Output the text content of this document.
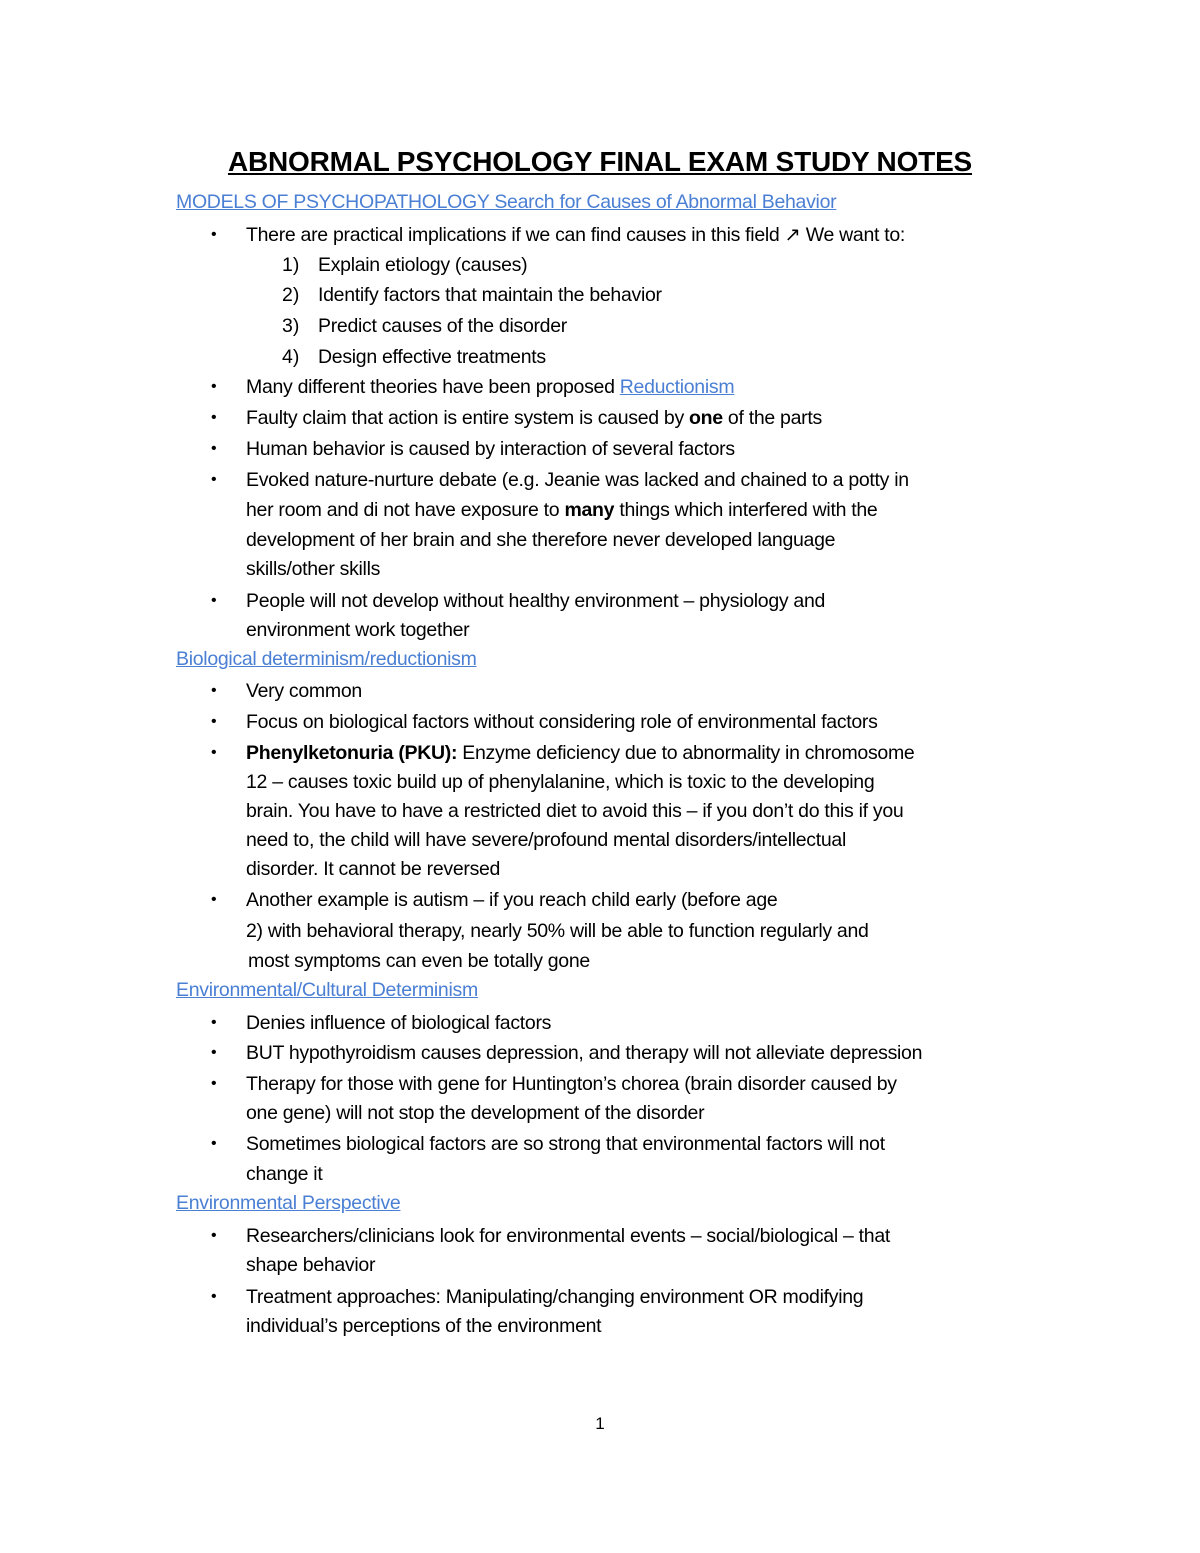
ABNORMAL PSYCHOLOGY FINAL EXAM STUDY NOTES
MODELS OF PSYCHOPATHOLOGY Search for Causes of Abnormal Behavior
• There are practical implications if we can find causes in this field ↗ We want to:
1) Explain etiology (causes)
2) Identify factors that maintain the behavior
3) Predict causes of the disorder
4) Design effective treatments
• Many different theories have been proposed Reductionism
• Faulty claim that action is entire system is caused by one of the parts
• Human behavior is caused by interaction of several factors
• Evoked nature-nurture debate (e.g. Jeanie was lacked and chained to a potty in
her room and di not have exposure to many things which interfered with the
development of her brain and she therefore never developed language
skills/other skills
• People will not develop without healthy environment – physiology and
environment work together
Biological determinism/reductionism
• Very common
• Focus on biological factors without considering role of environmental factors
• Phenylketonuria (PKU): Enzyme deficiency due to abnormality in chromosome
12 – causes toxic build up of phenylalanine, which is toxic to the developing
brain. You have to have a restricted diet to avoid this – if you don’t do this if you
need to, the child will have severe/profound mental disorders/intellectual
disorder. It cannot be reversed
• Another example is autism – if you reach child early (before age
2) with behavioral therapy, nearly 50% will be able to function regularly and
most symptoms can even be totally gone
Environmental/Cultural Determinism
• Denies influence of biological factors
• BUT hypothyroidism causes depression, and therapy will not alleviate depression
• Therapy for those with gene for Huntington’s chorea (brain disorder caused by
one gene) will not stop the development of the disorder
• Sometimes biological factors are so strong that environmental factors will not
change it
Environmental Perspective
• Researchers/clinicians look for environmental events – social/biological – that
shape behavior
• Treatment approaches: Manipulating/changing environment OR modifying
individual’s perceptions of the environment
1
